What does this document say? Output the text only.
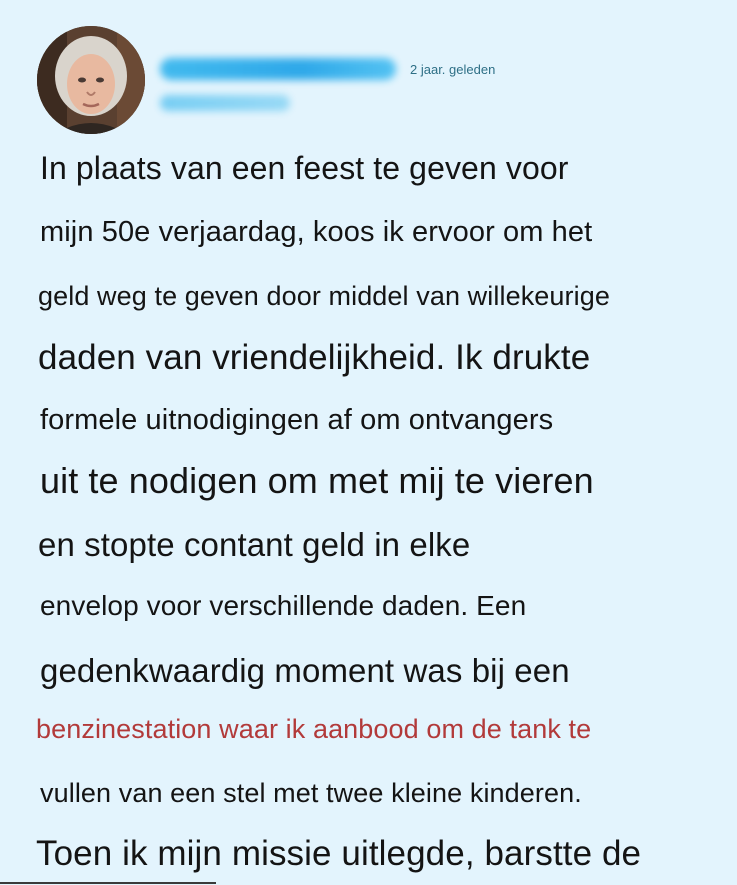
2 jaar. geleden
In plaats van een feest te geven voor
mijn 50e verjaardag, koos ik ervoor om het
geld weg te geven door middel van willekeurige
daden van vriendelijkheid. Ik drukte
formele uitnodigingen af om ontvangers
uit te nodigen om met mij te vieren
en stopte contant geld in elke
envelop voor verschillende daden. Een
gedenkwaardig moment was bij een
benzinestation waar ik aanbood om de tank te
vullen van een stel met twee kleine kinderen.
Toen ik mijn missie uitlegde, barstte de
